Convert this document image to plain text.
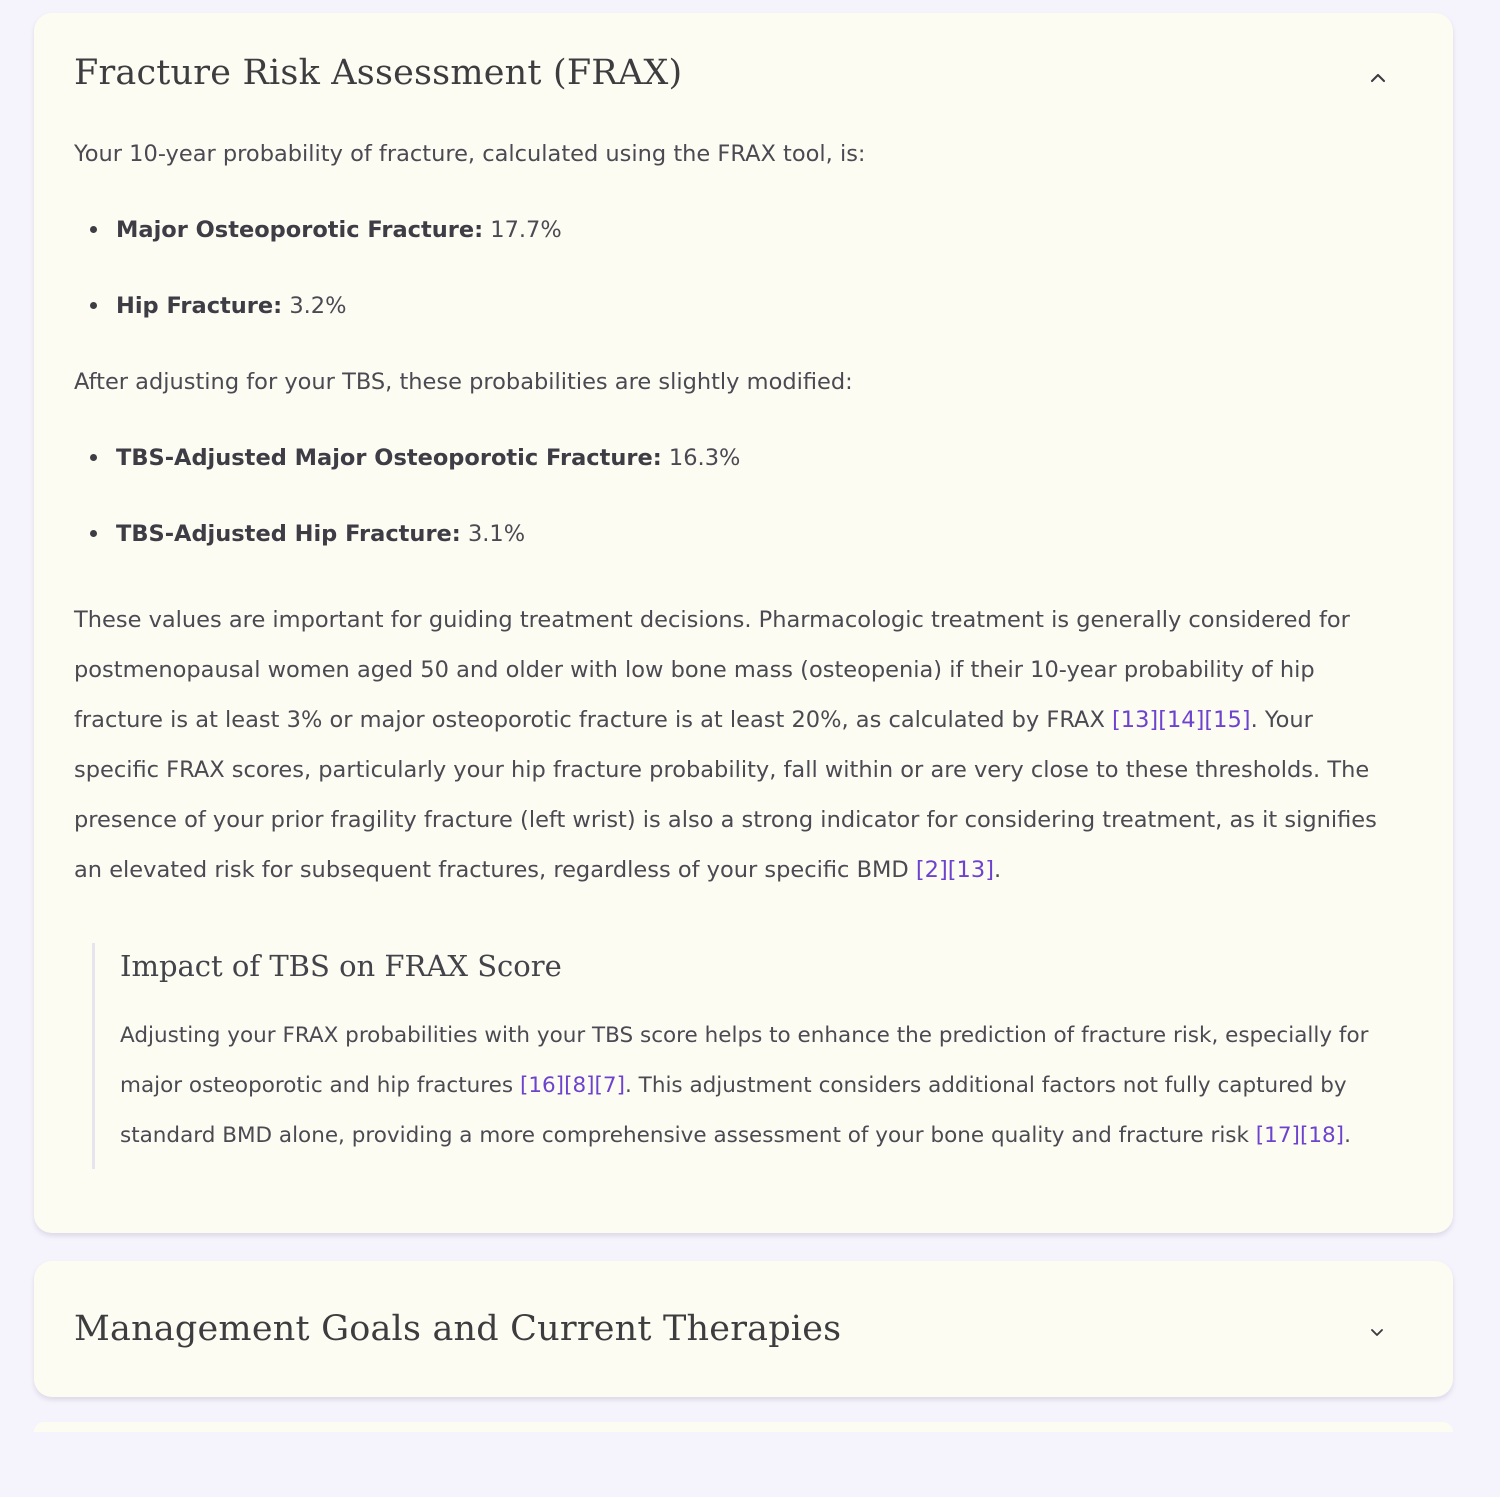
Fracture Risk Assessment (FRAX)

Your 10-year probability of fracture, calculated using the FRAX tool, is:

Major Osteoporotic Fracture: 17.7%
Hip Fracture: 3.2%

After adjusting for your TBS, these probabilities are slightly modified:

TBS-Adjusted Major Osteoporotic Fracture: 16.3%
TBS-Adjusted Hip Fracture: 3.1%

These values are important for guiding treatment decisions. Pharmacologic treatment is generally considered for postmenopausal women aged 50 and older with low bone mass (osteopenia) if their 10-year probability of hip fracture is at least 3% or major osteoporotic fracture is at least 20%, as calculated by FRAX [13][14][15]. Your specific FRAX scores, particularly your hip fracture probability, fall within or are very close to these thresholds. The presence of your prior fragility fracture (left wrist) is also a strong indicator for considering treatment, as it signifies an elevated risk for subsequent fractures, regardless of your specific BMD [2][13].

Impact of TBS on FRAX Score

Adjusting your FRAX probabilities with your TBS score helps to enhance the prediction of fracture risk, especially for major osteoporotic and hip fractures [16][8][7]. This adjustment considers additional factors not fully captured by standard BMD alone, providing a more comprehensive assessment of your bone quality and fracture risk [17][18].

Management Goals and Current Therapies
